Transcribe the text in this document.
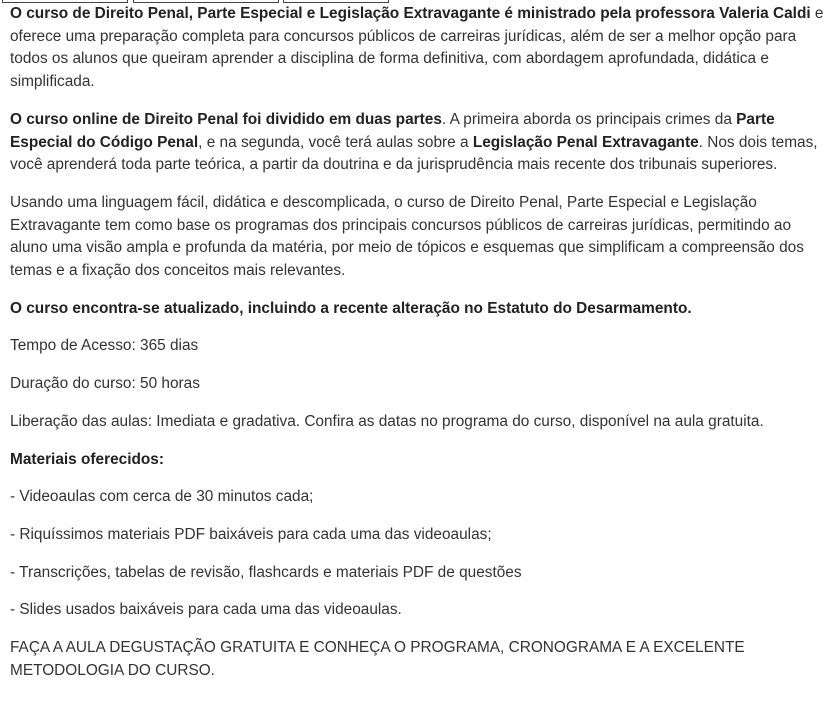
O curso de Direito Penal, Parte Especial e Legislação Extravagante é ministrado pela professora Valeria Caldi e oferece uma preparação completa para concursos públicos de carreiras jurídicas, além de ser a melhor opção para todos os alunos que queiram aprender a disciplina de forma definitiva, com abordagem aprofundada, didática e simplificada.

O curso online de Direito Penal foi dividido em duas partes. A primeira aborda os principais crimes da Parte Especial do Código Penal, e na segunda, você terá aulas sobre a Legislação Penal Extravagante. Nos dois temas, você aprenderá toda parte teórica, a partir da doutrina e da jurisprudência mais recente dos tribunais superiores.

Usando uma linguagem fácil, didática e descomplicada, o curso de Direito Penal, Parte Especial e Legislação Extravagante tem como base os programas dos principais concursos públicos de carreiras jurídicas, permitindo ao aluno uma visão ampla e profunda da matéria, por meio de tópicos e esquemas que simplificam a compreensão dos temas e a fixação dos conceitos mais relevantes.

O curso encontra-se atualizado, incluindo a recente alteração no Estatuto do Desarmamento.

Tempo de Acesso: 365 dias

Duração do curso: 50 horas

Liberação das aulas: Imediata e gradativa. Confira as datas no programa do curso, disponível na aula gratuita.

Materiais oferecidos:

- Videoaulas com cerca de 30 minutos cada;

- Riquíssimos materiais PDF baixáveis para cada uma das videoaulas;

- Transcrições, tabelas de revisão, flashcards e materiais PDF de questões

- Slides usados baixáveis para cada uma das videoaulas.

FAÇA A AULA DEGUSTAÇÃO GRATUITA E CONHEÇA O PROGRAMA, CRONOGRAMA E A EXCELENTE METODOLOGIA DO CURSO.
